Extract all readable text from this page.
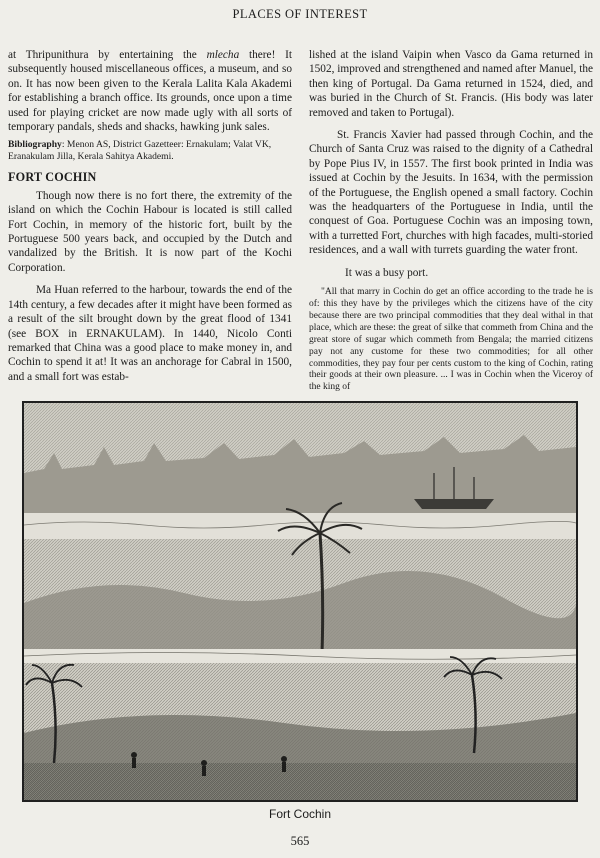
PLACES OF INTEREST

at Thripunithura by entertaining the mlecha there! It subsequently housed miscellaneous offices, a museum, and so on. It has now been given to the Kerala Lalita Kala Akademi for establishing a branch office. Its grounds, once upon a time used for playing cricket are now made ugly with all sorts of temporary pandals, sheds and shacks, hawking junk sales.

Bibliography: Menon AS, District Gazetteer: Ernakulam; Valat VK, Eranakulam Jilla, Kerala Sahitya Akademi.

FORT COCHIN

Though now there is no fort there, the extremity of the island on which the Cochin Habour is located is still called Fort Cochin, in memory of the historic fort, built by the Portuguese 500 years back, and occupied by the Dutch and vandalized by the British. It is now part of the Kochi Corporation.

Ma Huan referred to the harbour, towards the end of the 14th century, a few decades after it might have been formed as a result of the silt brought down by the great flood of 1341 (see BOX in ERNAKULAM). In 1440, Nicolo Conti remarked that China was a good place to make money in, and Cochin to spend it at! It was an anchorage for Cabral in 1500, and a small fort was estab-

lished at the island Vaipin when Vasco da Gama returned in 1502, improved and strengthened and named after Manuel, the then king of Portugal. Da Gama returned in 1524, died, and was buried in the Church of St. Francis. (His body was later removed and taken to Portugal).

St. Francis Xavier had passed through Cochin, and the Church of Santa Cruz was raised to the dignity of a Cathedral by Pope Pius IV, in 1557. The first book printed in India was issued at Cochin by the Jesuits. In 1634, with the permission of the Portuguese, the English opened a small factory. Cochin was the headquarters of the Portuguese in India, until the conquest of Goa. Portuguese Cochin was an imposing town, with a turretted Fort, churches with high facades, multi-storied residences, and a wall with turrets guarding the water front.

It was a busy port.

"All that marry in Cochin do get an office according to the trade he is of: this they have by the privileges which the citizens have of the city because there are two principal commodities that they deal withal in that place, which are these: the great of silke that commeth from China and the great store of sugar which commeth from Bengala; the married citizens pay not any custome for these two commodities; for all other commodities, they pay four per cents custom to the king of Cochin, rating their goods at their own pleasure. ... I was in Cochin when the Viceroy of the king of

Fort Cochin
565
